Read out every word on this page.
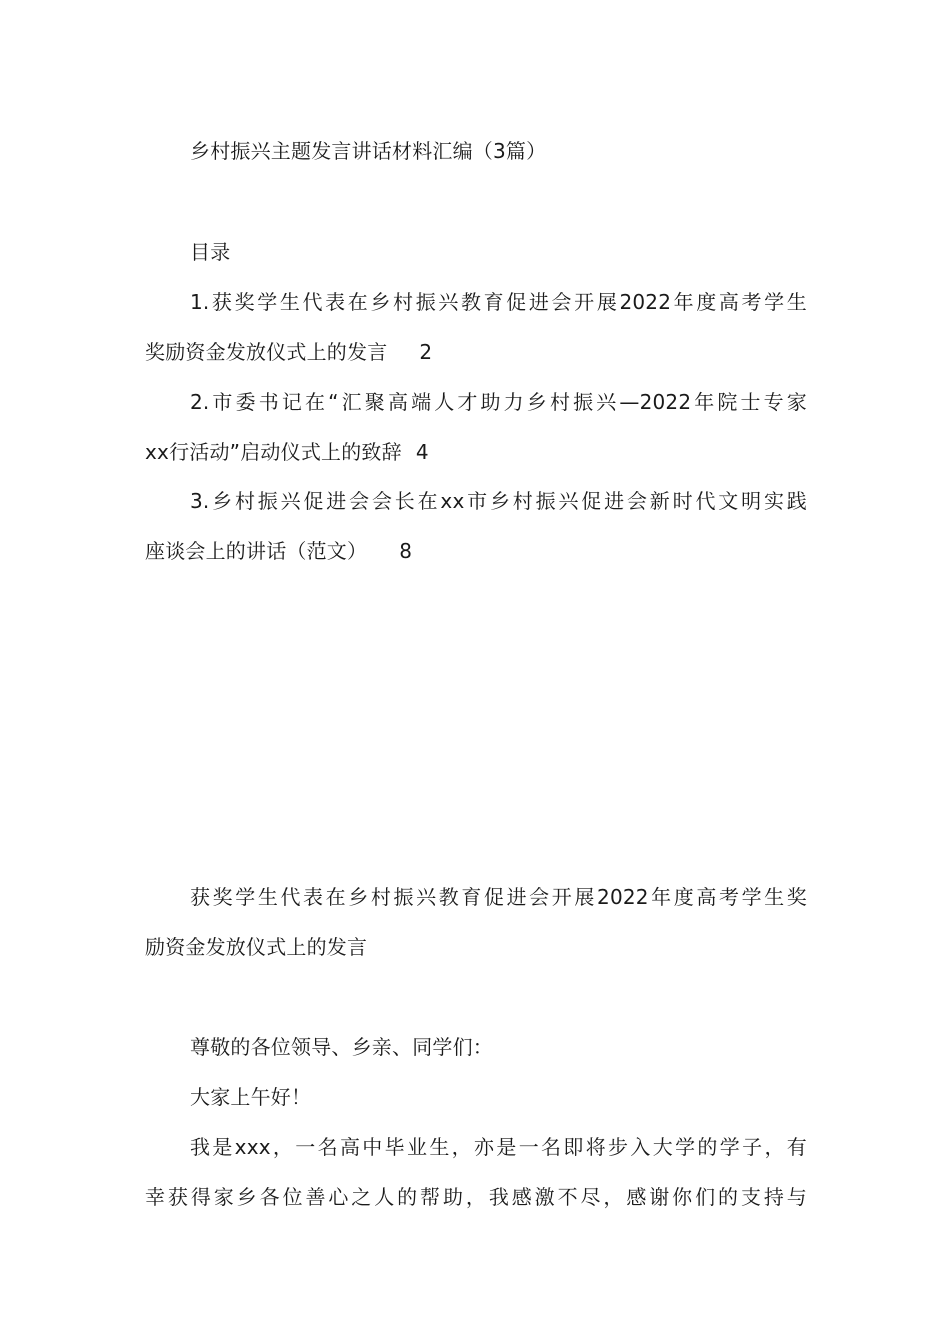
乡村振兴主题发言讲话材料汇编（3篇）
目录
1.获奖学生代表在乡村振兴教育促进会开展2022年度高考学生
奖励资金发放仪式上的发言 2
2.市委书记在“汇聚高端人才助力乡村振兴—2022年院士专家
xx行活动”启动仪式上的致辞 4
3.乡村振兴促进会会长在xx市乡村振兴促进会新时代文明实践
座谈会上的讲话（范文） 8
获奖学生代表在乡村振兴教育促进会开展2022年度高考学生奖
励资金发放仪式上的发言
尊敬的各位领导、乡亲、同学们：
大家上午好！
我是xxx，一名高中毕业生，亦是一名即将步入大学的学子，有
幸获得家乡各位善心之人的帮助，我感激不尽，感谢你们的支持与
